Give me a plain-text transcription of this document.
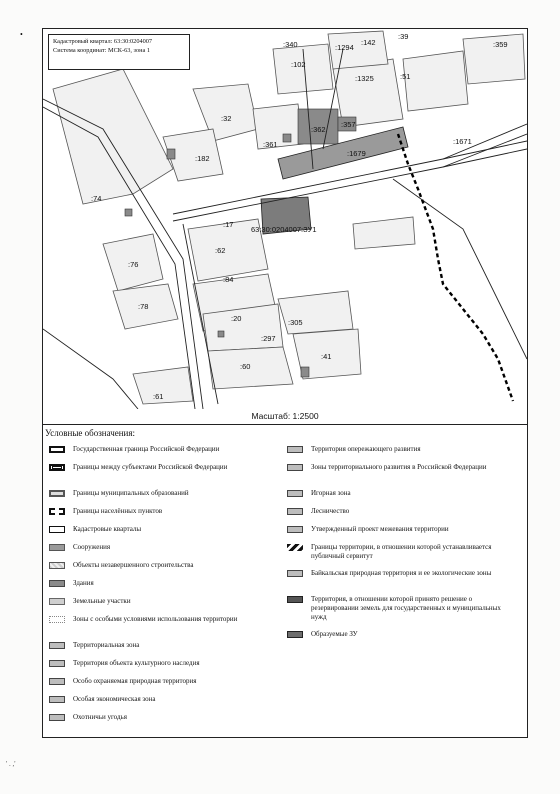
•
:340	:1294
:142
:39
:359
:102
:1325	:51
:32
:362
:357
:361
:182
:1679
:1671
:74
:17
63:30:0204007:ЗУ1
:62
:76
:84
:78
:20	:305
:297
:41
:60
:61
Кадастровый квартал: 63:30:0204007
Система координат: МСК-63, зона 1
Масштаб: 1:2500
Условные обозначения:
Государственная граница Российской Федерации
Границы между субъектами Российской Федерации
Границы муниципальных образований
Границы населённых пунктов
Кадастровые кварталы
Сооружения
Объекты незавершенного строительства
Здания
Земельные участки
Зоны с особыми условиями использования территории
Территориальная зона
Территория объекта культурного наследия
Особо охраняемая природная территория
Особая экономическая зона
Охотничьи угодья
Территория опережающего развития
Зоны территориального развития в Российской Федерации
Игорная зона
Лесничество
Утвержденный проект межевания территории
Границы территории, в отношении которой устанавливается публичный сервитут
Байкальская природная территория и ее экологические зоны
Территория, в отношении которой принято решение о резервировании земель для государственных и муниципальных нужд
Образуемые ЗУ
' . ,'
